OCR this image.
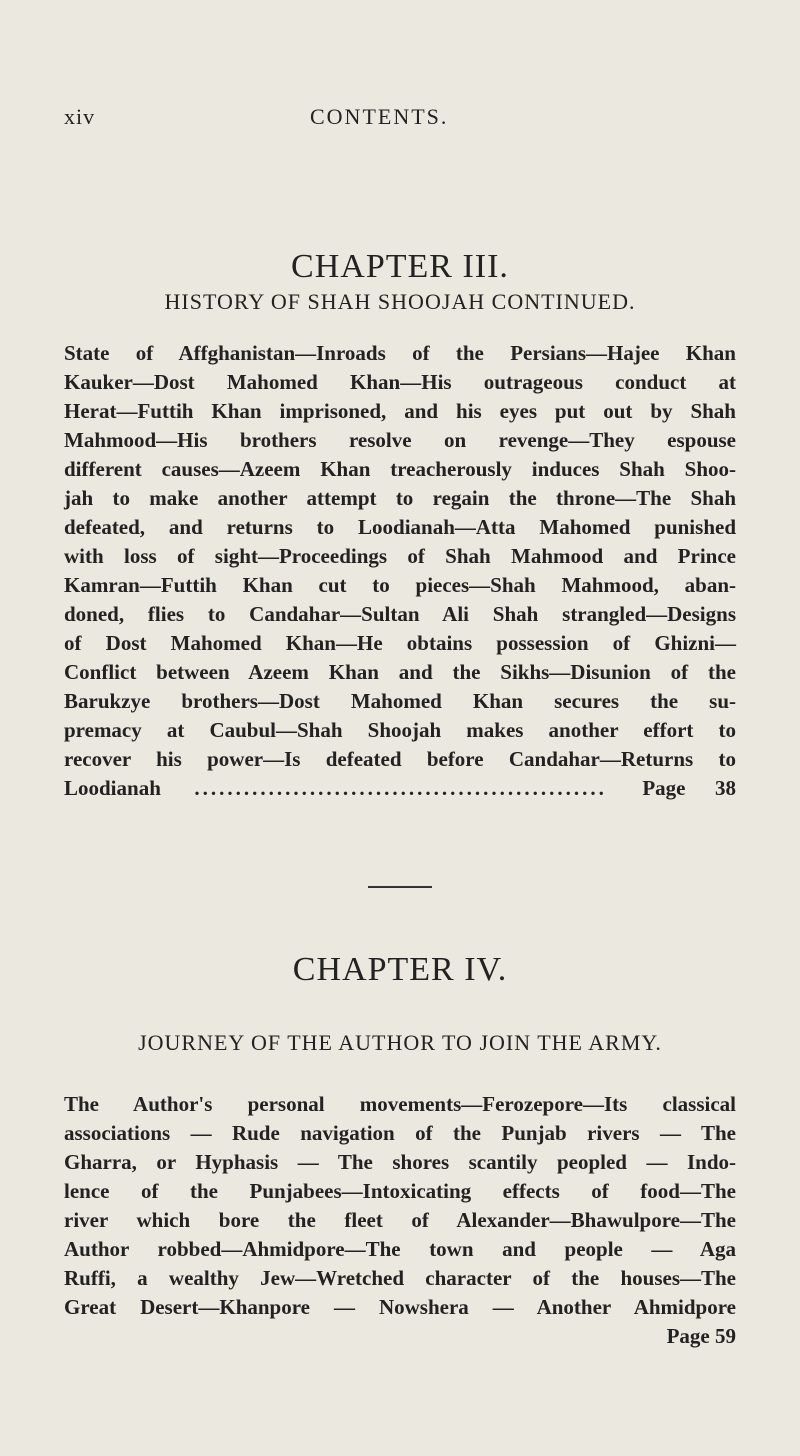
xiv	CONTENTS.
CHAPTER III.
HISTORY OF SHAH SHOOJAH CONTINUED.
State of Affghanistan—Inroads of the Persians—Hajee Khan
Kauker—Dost Mahomed Khan—His outrageous conduct at
Herat—Futtih Khan imprisoned, and his eyes put out by Shah
Mahmood—His brothers resolve on revenge—They espouse
different causes—Azeem Khan treacherously induces Shah Shoo-
jah to make another attempt to regain the throne—The Shah
defeated, and returns to Loodianah—Atta Mahomed punished
with loss of sight—Proceedings of Shah Mahmood and Prince
Kamran—Futtih Khan cut to pieces—Shah Mahmood, aban-
doned, flies to Candahar—Sultan Ali Shah strangled—Designs
of Dost Mahomed Khan—He obtains possession of Ghizni—
Conflict between Azeem Khan and the Sikhs—Disunion of the
Barukzye brothers—Dost Mahomed Khan secures the su-
premacy at Caubul—Shah Shoojah makes another effort to
recover his power—Is defeated before Candahar—Returns to
Loodianah .................................................. Page 38
CHAPTER IV.
JOURNEY OF THE AUTHOR TO JOIN THE ARMY.
The Author's personal movements—Ferozepore—Its classical
associations — Rude navigation of the Punjab rivers — The
Gharra, or Hyphasis — The shores scantily peopled — Indo-
lence of the Punjabees—Intoxicating effects of food—The
river which bore the fleet of Alexander—Bhawulpore—The
Author robbed—Ahmidpore—The town and people — Aga
Ruffi, a wealthy Jew—Wretched character of the houses—The
Great Desert—Khanpore — Nowshera — Another Ahmidpore
Page 59
